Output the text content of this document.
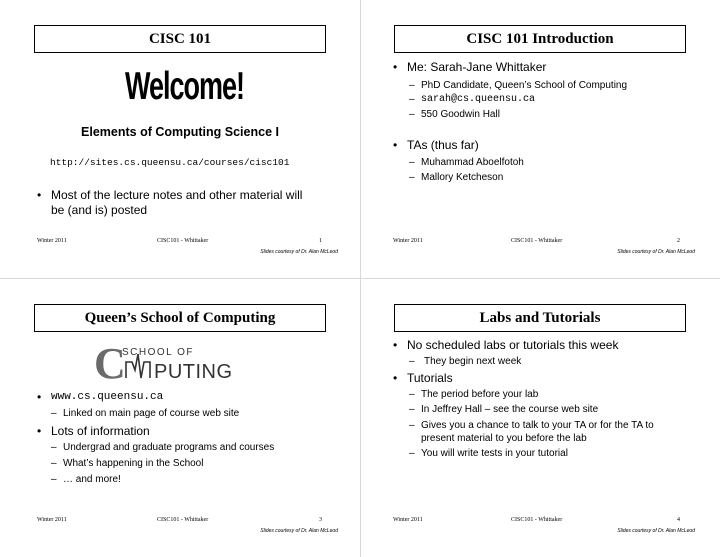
CISC 101
Welcome!
Elements of Computing Science I
http://sites.cs.queensu.ca/courses/cisc101
• Most of the lecture notes and other material will
be (and is) posted
Winter 2011	CISC101 - Whittaker	1
Slides courtesy of Dr. Alan McLeod
CISC 101 Introduction
• Me: Sarah-Jane Whittaker
– PhD Candidate, Queen’s School of Computing
– sarah@cs.queensu.ca
– 550 Goodwin Hall
• TAs (thus far)
– Muhammad Aboelfotoh
– Mallory Ketcheson
Winter 2011	CISC101 - Whittaker	2
Slides courtesy of Dr. Alan McLeod
Queen’s School of Computing
• www.cs.queensu.ca
– Linked on main page of course web site
• Lots of information
– Undergrad and graduate programs and courses
– What’s happening in the School
– … and more!
Winter 2011	CISC101 - Whittaker	3
Slides courtesy of Dr. Alan McLeod
C
SCHOOL OF
PUTING
Labs and Tutorials
• No scheduled labs or tutorials this week
– They begin next week
• Tutorials
– The period before your lab
– In Jeffrey Hall – see the course web site
– Gives you a chance to talk to your TA or for the TA to
present material to you before the lab
– You will write tests in your tutorial
Winter 2011	CISC101 - Whittaker	4
Slides courtesy of Dr. Alan McLeod
